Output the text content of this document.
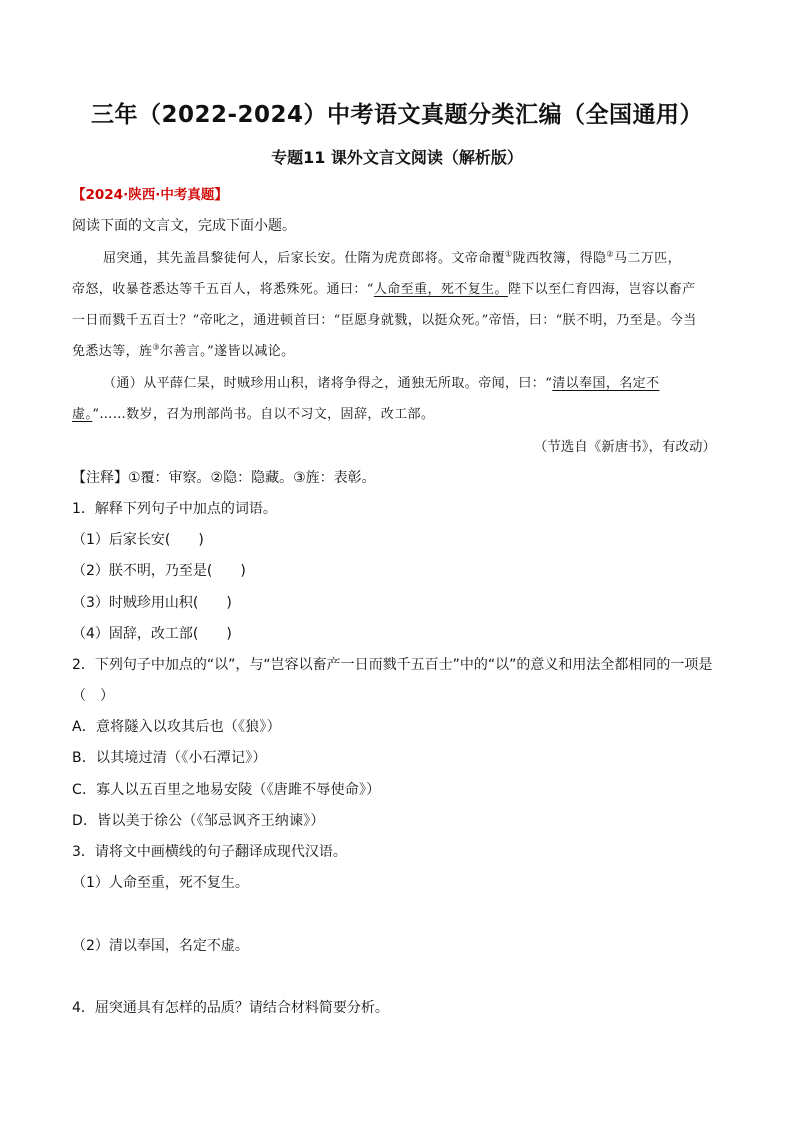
三年（2022-2024）中考语文真题分类汇编（全国通用）
专题11 课外文言文阅读（解析版）
【2024·陕西·中考真题】
阅读下面的文言文，完成下面小题。
屈突通，其先盖昌黎徒何人，后家长安。仕隋为虎贲郎将。文帝命覆①陇西牧簿，得隐②马二万匹，
帝怒，收暴苍悉达等千五百人，将悉殊死。通曰：“人命至重，死不复生。陛下以至仁育四海，岂容以畜产
一日而戮千五百士？”帝叱之，通进顿首曰：“臣愿身就戮，以挺众死。”帝悟，曰：“朕不明，乃至是。今当
免悉达等，旌③尔善言。”遂皆以减论。
（通）从平薛仁杲，时贼珍用山积，诸将争得之，通独无所取。帝闻，曰：“清以奉国，名定不
虚。”……数岁，召为刑部尚书。自以不习文，固辞，改工部。
（节选自《新唐书》，有改动）
【注释】①覆：审察。②隐：隐藏。③旌：表彰。
1．解释下列句子中加点的词语。
（1）后家长安(　　)
（2）朕不明，乃至是(　　)
（3）时贼珍用山积(　　)
（4）固辞，改工部(　　)
2．下列句子中加点的“以”，与“岂容以畜产一日而戮千五百士”中的“以”的意义和用法全都相同的一项是
（　）
A．意将隧入以攻其后也（《狼》）
B．以其境过清（《小石潭记》）
C．寡人以五百里之地易安陵（《唐雎不辱使命》）
D．皆以美于徐公（《邹忌讽齐王纳谏》）
3．请将文中画横线的句子翻译成现代汉语。
（1）人命至重，死不复生。
（2）清以奉国，名定不虚。
4．屈突通具有怎样的品质？请结合材料简要分析。
